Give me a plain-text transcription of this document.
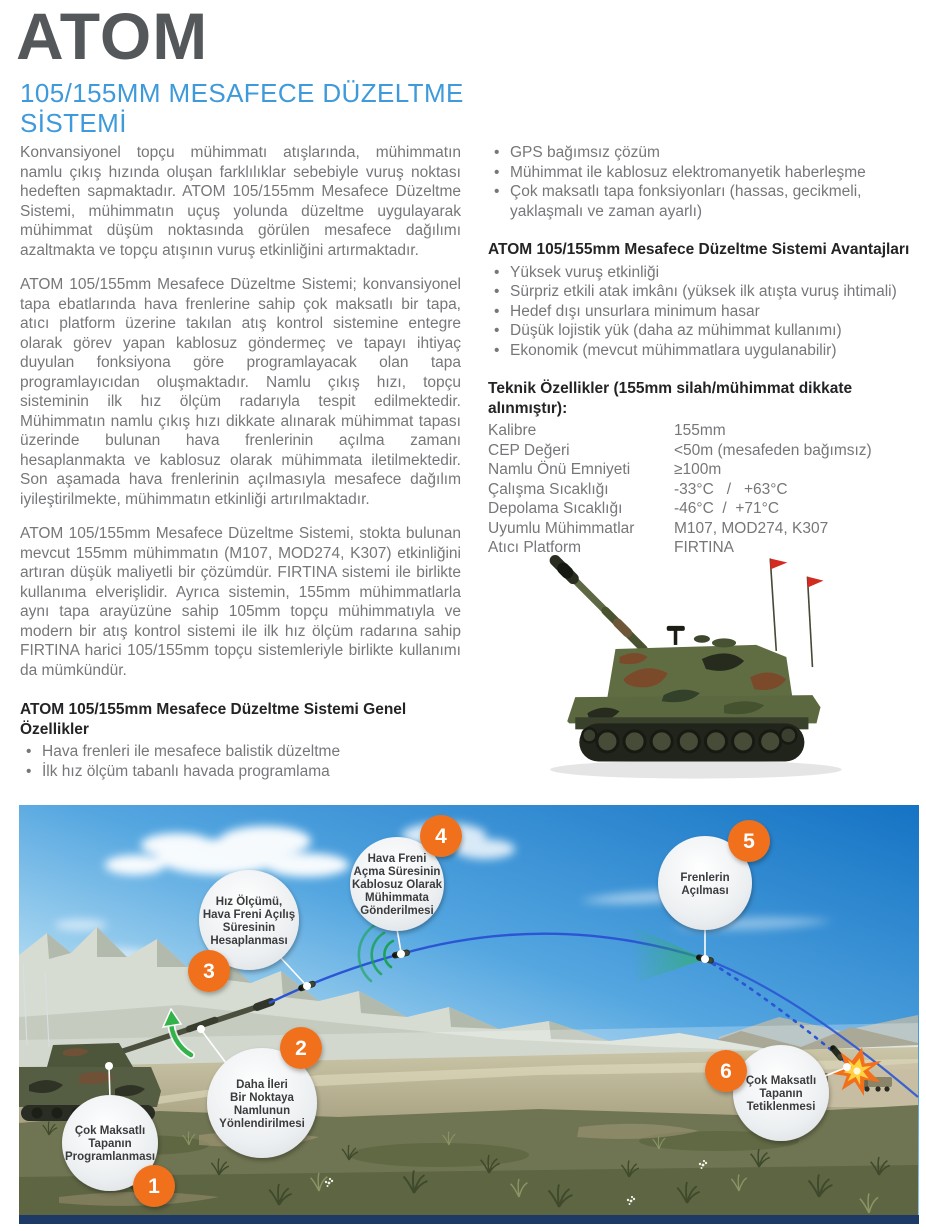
ATOM
105/155MM MESAFECE DÜZELTME
SİSTEMİ

Konvansiyonel topçu mühimmatı atışlarında, mühimmatın namlu çıkış hızında oluşan farklılıklar sebebiyle vuruş noktası hedeften sapmaktadır. ATOM 105/155mm Mesafece Düzeltme Sistemi, mühimmatın uçuş yolunda düzeltme uygulayarak mühimmat düşüm noktasında görülen mesafece dağılımı azaltmakta ve topçu atışının vuruş etkinliğini artırmaktadır.

ATOM 105/155mm Mesafece Düzeltme Sistemi; konvansiyonel tapa ebatlarında hava frenlerine sahip çok maksatlı bir tapa, atıcı platform üzerine takılan atış kontrol sistemine entegre olarak görev yapan kablosuz göndermeç ve tapayı ihtiyaç duyulan fonksiyona göre programlayacak olan tapa programlayıcıdan oluşmaktadır. Namlu çıkış hızı, topçu sisteminin ilk hız ölçüm radarıyla tespit edilmektedir. Mühimmatın namlu çıkış hızı dikkate alınarak mühimmat tapası üzerinde bulunan hava frenlerinin açılma zamanı hesaplanmakta ve kablosuz olarak mühimmata iletilmektedir. Son aşamada hava frenlerinin açılmasıyla mesafece dağılım iyileştirilmekte, mühimmatın etkinliği artırılmaktadır.

ATOM 105/155mm Mesafece Düzeltme Sistemi, stokta bulunan mevcut 155mm mühimmatın (M107, MOD274, K307) etkinliğini artıran düşük maliyetli bir çözümdür. FIRTINA sistemi ile birlikte kullanıma elverişlidir. Ayrıca sistemin, 155mm mühimmatlarla aynı tapa arayüzüne sahip 105mm topçu mühimmatıyla ve modern bir atış kontrol sistemi ile ilk hız ölçüm radarına sahip FIRTINA harici 105/155mm topçu sistemleriyle birlikte kullanımı da mümkündür.

ATOM 105/155mm Mesafece Düzeltme Sistemi Genel Özellikler
• Hava frenleri ile mesafece balistik düzeltme
• İlk hız ölçüm tabanlı havada programlama
• GPS bağımsız çözüm
• Mühimmat ile kablosuz elektromanyetik haberleşme
• Çok maksatlı tapa fonksiyonları (hassas, gecikmeli, yaklaşmalı ve zaman ayarlı)
ATOM 105/155mm Mesafece Düzeltme Sistemi Avantajları
• Yüksek vuruş etkinliği
• Sürpriz etkili atak imkânı (yüksek ilk atışta vuruş ihtimali)
• Hedef dışı unsurlara minimum hasar
• Düşük lojistik yük (daha az mühimmat kullanımı)
• Ekonomik (mevcut mühimmatlara uygulanabilir)
Teknik Özellikler (155mm silah/mühimmat dikkate alınmıştır):
Kalibre	155mm
CEP Değeri	<50m (mesafeden bağımsız)
Namlu Önü Emniyeti	≥100m
Çalışma Sıcaklığı	-33°C   /   +63°C
Depolama Sıcaklığı	-46°C  /  +71°C
Uyumlu Mühimmatlar	M107, MOD274, K307
Atıcı Platform	FIRTINA
Çok Maksatlı Tapanın Programlanması
1
Daha İleri Bir Noktaya Namlunun Yönlendirilmesi
2
Hız Ölçümü, Hava Freni Açılış Süresinin Hesaplanması
3
Hava Freni Açma Süresinin Kablosuz Olarak Mühimmata Gönderilmesi
4
Frenlerin Açılması
5
Çok Maksatlı Tapanın Tetiklenmesi
6
